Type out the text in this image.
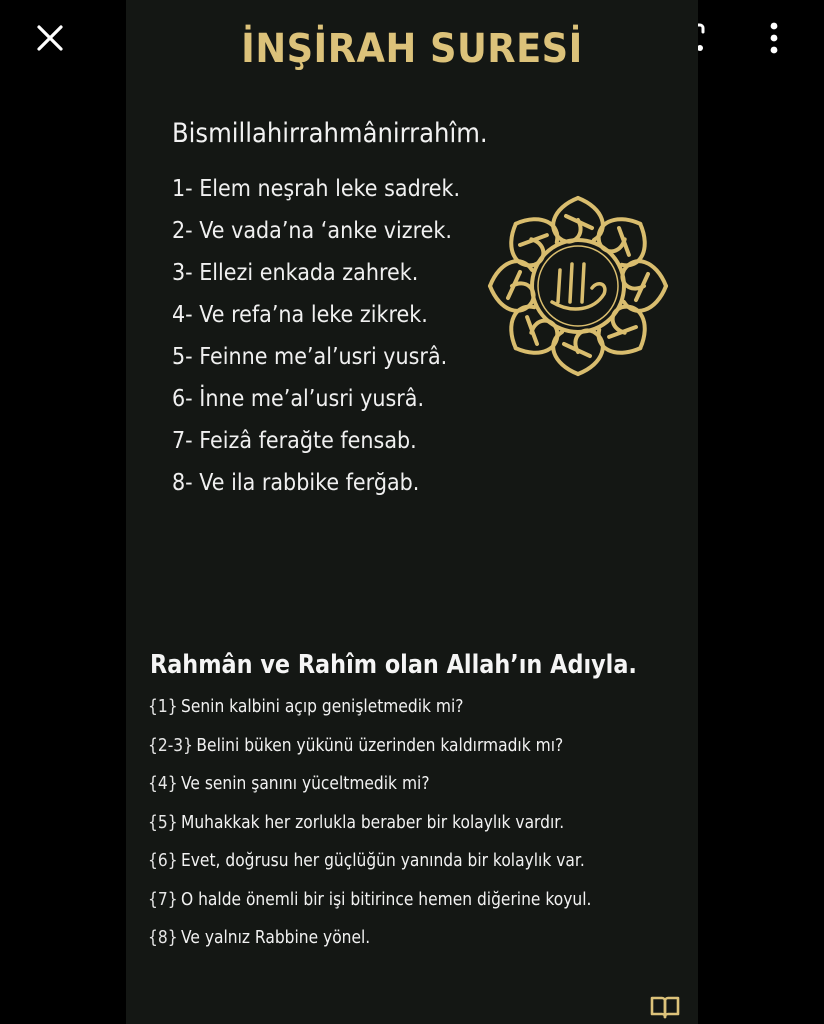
İNŞİRAH SURESİ
Bismillahirrahmânirrahîm.
1- Elem neşrah leke sadrek.
2- Ve vada’na ‘anke vizrek.
3- Ellezi enkada zahrek.
4- Ve refa’na leke zikrek.
5- Feinne me’al’usri yusrâ.
6- İnne me’al’usri yusrâ.
7- Feizâ ferağte fensab.
8- Ve ila rabbike ferğab.
Rahmân ve Rahîm olan Allah’ın Adıyla.
{1} Senin kalbini açıp genişletmedik mi?
{2-3} Belini büken yükünü üzerinden kaldırmadık mı?
{4} Ve senin şanını yüceltmedik mi?
{5} Muhakkak her zorlukla beraber bir kolaylık vardır.
{6} Evet, doğrusu her güçlüğün yanında bir kolaylık var.
{7} O halde önemli bir işi bitirince hemen diğerine koyul.
{8} Ve yalnız Rabbine yönel.
